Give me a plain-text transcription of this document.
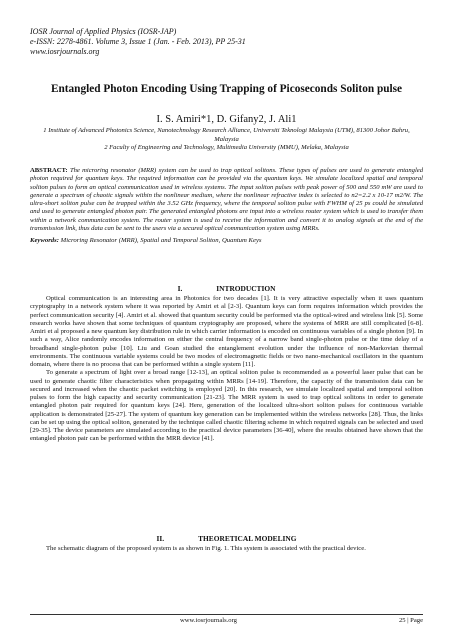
IOSR Journal of Applied Physics (IOSR-JAP)
e-ISSN: 2278-4861. Volume 3, Issue 1 (Jan. - Feb. 2013), PP 25-31
www.iosrjournals.org
Entangled Photon Encoding Using Trapping of Picoseconds Soliton pulse
I. S. Amiri*1, D. Gifany2, J. Ali1
1 Institute of Advanced Photonics Science, Nanotechnology Research Alliance, Universiti Teknologi Malaysia (UTM), 81300 Johor Bahru, Malaysia
2 Faculty of Engineering and Technology, Multimedia University (MMU), Melaka, Malaysia
ABSTRACT: The microring resonator (MRR) system can be used to trap optical solitons. These types of pulses are used to generate entangled photon required for quantum keys. The required information can be provided via the quantum keys. We simulate localized spatial and temporal soliton pulses to form an optical communication used in wireless systems. The input soliton pulses with peak power of 500 and 550 mW are used to generate a spectrum of chaotic signals within the nonlinear medium, where the nonlinear refractive index is selected to n2=2.2 x 10-17 m2/W. The ultra-short soliton pulse can be trapped within the 3.52 GHz frequency, where the temporal soliton pulse with FWHM of 25 ps could be simulated and used to generate entangled photon pair. The generated entangled photons are input into a wireless router system which is used to transfer them within a network communication system. The router system is used to receive the information and convert it to analog signals at the end of the transmission link, thus data can be sent to the users via a secured optical communication system using MRRs.
Keywords: Microring Resonator (MRR), Spatial and Temporal Soliton, Quantum Keys
I.	INTRODUCTION

Optical communication is an interesting area in Photonics for two decades [1]. It is very attractive especially when it uses quantum cryptography in a network system where it was reported by Amiri et al [2-3]. Quantum keys can form requires information which provides the perfect communication security [4]. Amiri et al. showed that quantum security could be performed via the optical-wired and wireless link [5]. Some research works have shown that some techniques of quantum cryptography are proposed, where the systems of MRR are still complicated [6-8]. Amiri et al proposed a new quantum key distribution rule in which carrier information is encoded on continuous variables of a single photon [9]. In such a way, Alice randomly encodes information on either the central frequency of a narrow band single-photon pulse or the time delay of a broadband single-photon pulse [10]. Liu and Goan studied the entanglement evolution under the influence of non-Markovian thermal environments. The continuous variable systems could be two modes of electromagnetic fields or two nano-mechanical oscillators in the quantum domain, where there is no process that can be performed within a single system [11].

To generate a spectrum of light over a broad range [12-13], an optical soliton pulse is recommended as a powerful laser pulse that can be used to generate chaotic filter characteristics when propagating within MRRs [14-19]. Therefore, the capacity of the transmission data can be secured and increased when the chaotic packet switching is employed [20]. In this research, we simulate localized spatial and temporal soliton pulses to form the high capacity and security communication [21-23]. The MRR system is used to trap optical solitons in order to generate entangled photon pair required for quantum keys [24]. Here, generation of the localized ultra-short soliton pulses for continuous variable application is demonstrated [25-27]. The system of quantum key generation can be implemented within the wireless networks [28]. Thus, the links can be set up using the optical soliton, generated by the technique called chaotic filtering scheme in which required signals can be selected and used [29-35]. The device parameters are simulated according to the practical device parameters [36-40], where the results obtained have shown that the entangled photon pair can be performed within the MRR device [41].

II.	THEORETICAL MODELING

The schematic diagram of the proposed system is as shown in Fig. 1. This system is associated with the practical device.

www.iosrjournals.org	25 | Page
